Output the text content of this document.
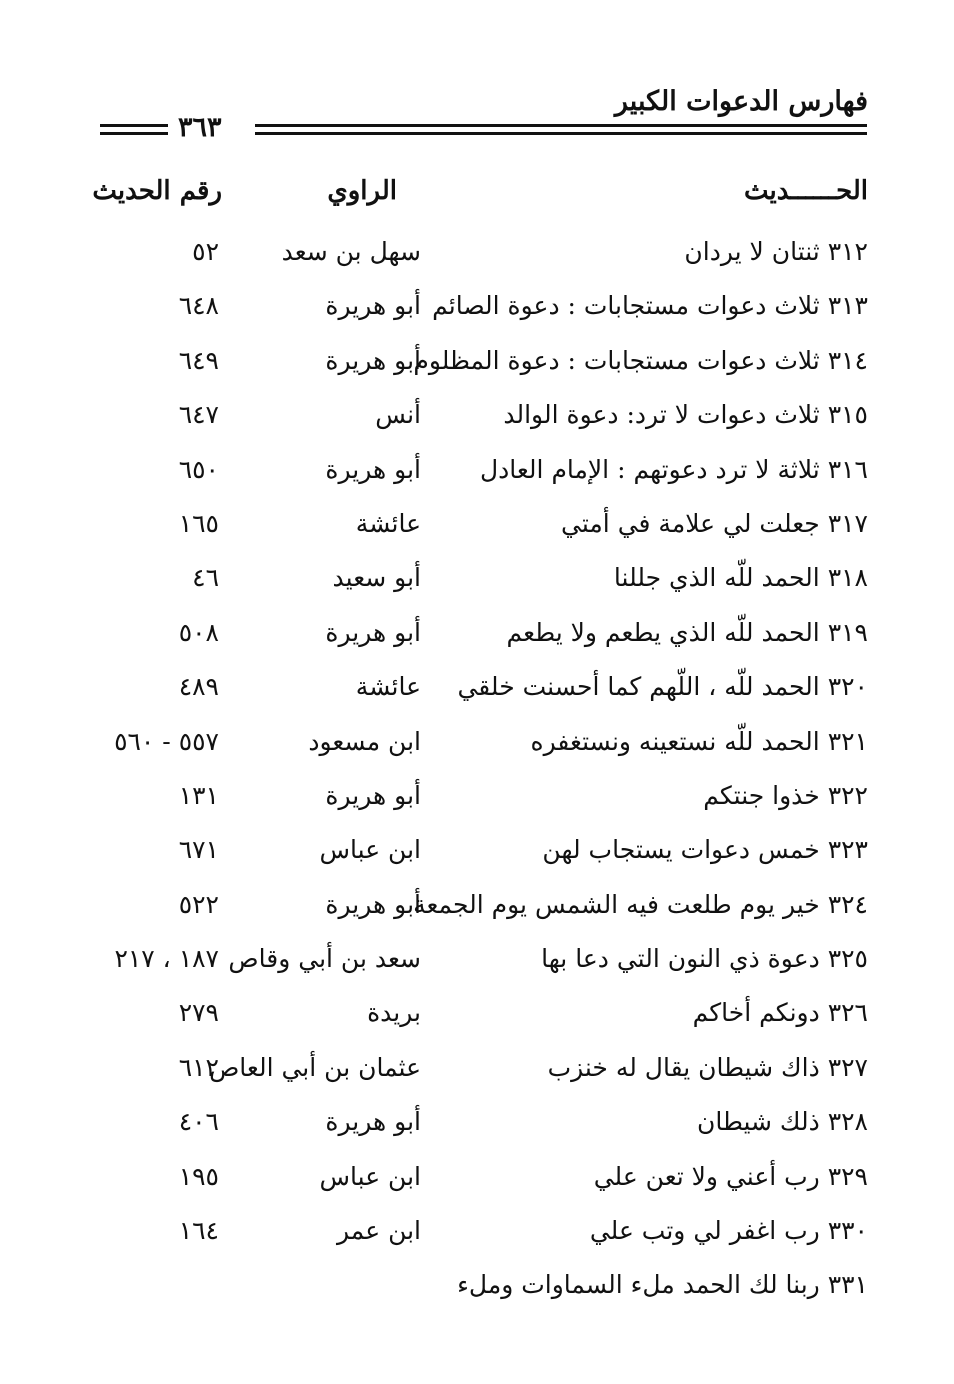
فهارس الدعوات الكبير
٣٦٣
الحــــــديث
الراوي
رقم الحديث
٣١٢ ثنتان لا يردان
سهل بن سعد
٥٢
٣١٣ ثلاث دعوات مستجابات : دعوة الصائم
أبو هريرة
٦٤٨
٣١٤ ثلاث دعوات مستجابات : دعوة المظلوم
أبو هريرة
٦٤٩
٣١٥ ثلاث دعوات لا ترد: دعوة الوالد
أنس
٦٤٧
٣١٦ ثلاثة لا ترد دعوتهم : الإمام العادل
أبو هريرة
٦٥٠
٣١٧ جعلت لي علامة في أمتي
عائشة
١٦٥
٣١٨ الحمد للّه الذي جللنا
أبو سعيد
٤٦
٣١٩ الحمد للّه الذي يطعم ولا يطعم
أبو هريرة
٥٠٨
٣٢٠ الحمد للّه ، اللّهم كما أحسنت خلقي
عائشة
٤٨٩
٣٢١ الحمد للّه نستعينه ونستغفره
ابن مسعود
٥٥٧ - ٥٦٠
٣٢٢ خذوا جنتكم
أبو هريرة
١٣١
٣٢٣ خمس دعوات يستجاب لهن
ابن عباس
٦٧١
٣٢٤ خير يوم طلعت فيه الشمس يوم الجمعة
أبو هريرة
٥٢٢
٣٢٥ دعوة ذي النون التي دعا بها
سعد بن أبي وقاص
١٨٧ ، ٢١٧
٣٢٦ دونكم أخاكم
بريدة
٢٧٩
٣٢٧ ذاك شيطان يقال له خنزب
عثمان بن أبي العاص
٦١٢
٣٢٨ ذلك شيطان
أبو هريرة
٤٠٦
٣٢٩ رب أعني ولا تعن علي
ابن عباس
١٩٥
٣٣٠ رب اغفر لي وتب علي
ابن عمر
١٦٤
٣٣١ ربنا لك الحمد ملء السماوات وملء
